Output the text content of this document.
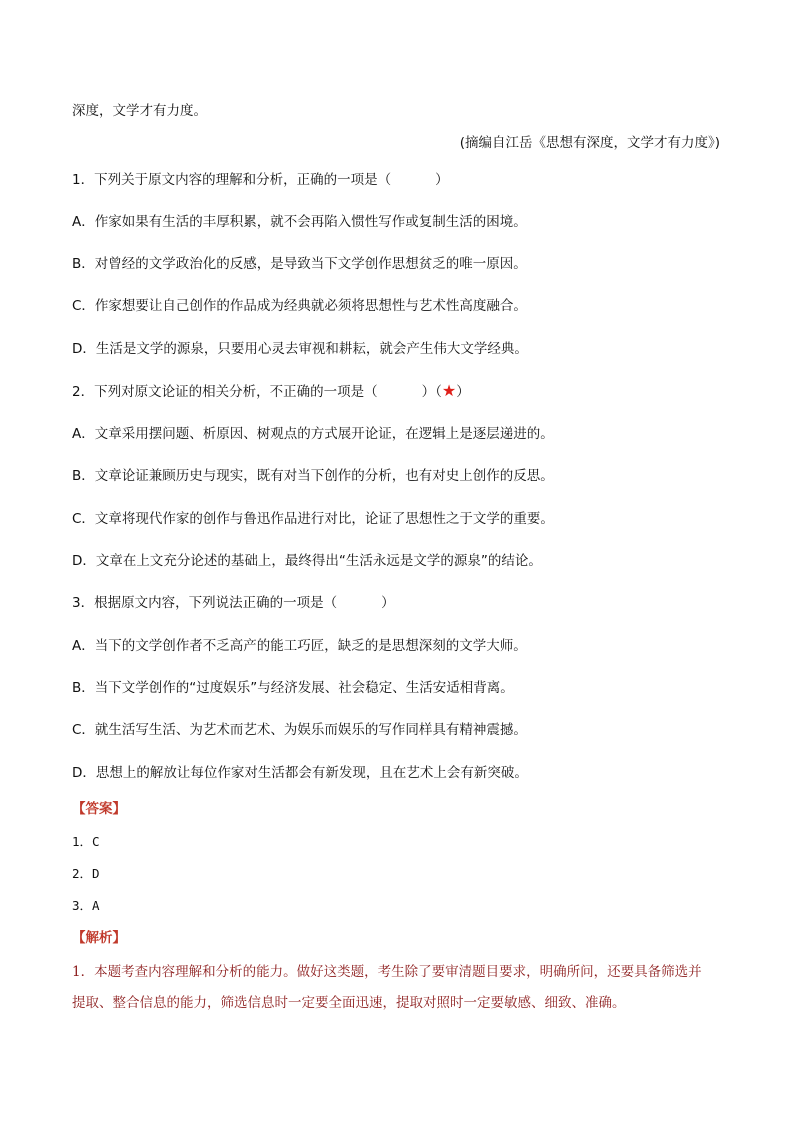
深度，文学才有力度。
(摘编自江岳《思想有深度，文学才有力度》)
1．下列关于原文内容的理解和分析，正确的一项是（	）
A．作家如果有生活的丰厚积累，就不会再陷入惯性写作或复制生活的困境。
B．对曾经的文学政治化的反感，是导致当下文学创作思想贫乏的唯一原因。
C．作家想要让自己创作的作品成为经典就必须将思想性与艺术性高度融合。
D．生活是文学的源泉，只要用心灵去审视和耕耘，就会产生伟大文学经典。
2．下列对原文论证的相关分析，不正确的一项是（	）（★）
A．文章采用摆问题、析原因、树观点的方式展开论证，在逻辑上是逐层递进的。
B．文章论证兼顾历史与现实，既有对当下创作的分析，也有对史上创作的反思。
C．文章将现代作家的创作与鲁迅作品进行对比，论证了思想性之于文学的重要。
D．文章在上文充分论述的基础上，最终得出“生活永远是文学的源泉”的结论。
3．根据原文内容，下列说法正确的一项是（	）
A．当下的文学创作者不乏高产的能工巧匠，缺乏的是思想深刻的文学大师。
B．当下文学创作的“过度娱乐”与经济发展、社会稳定、生活安适相背离。
C．就生活写生活、为艺术而艺术、为娱乐而娱乐的写作同样具有精神震撼。
D．思想上的解放让每位作家对生活都会有新发现，且在艺术上会有新突破。
【答案】
1．C
2．D
3．A
【解析】
1．本题考查内容理解和分析的能力。做好这类题，考生除了要审清题目要求，明确所问，还要具备筛选并
提取、整合信息的能力，筛选信息时一定要全面迅速，提取对照时一定要敏感、细致、准确。
